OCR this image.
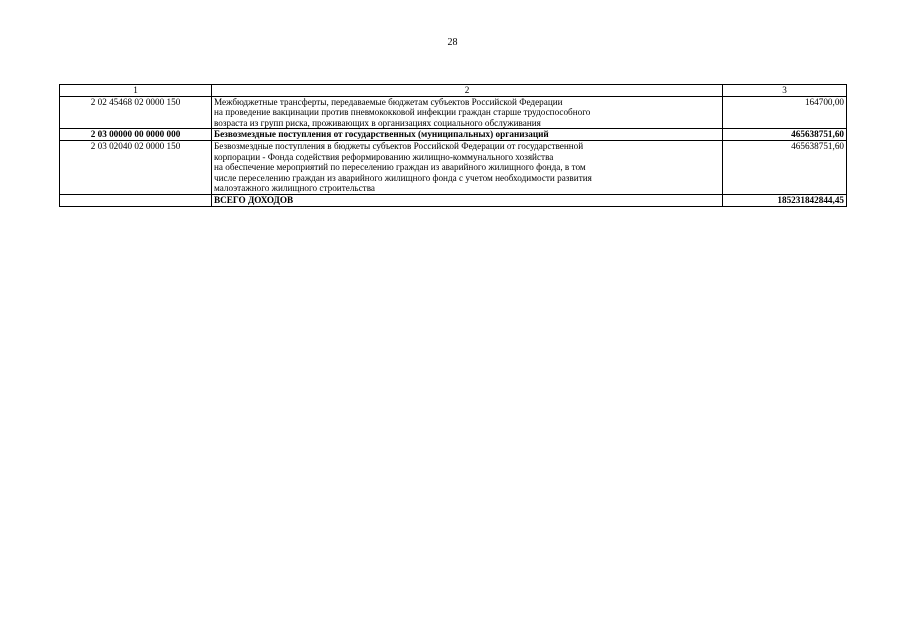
28
1	2	3
2 02 45468 02 0000 150	Межбюджетные трансферты, передаваемые бюджетам субъектов Российской Федерации
на проведение вакцинации против пневмококковой инфекции граждан старше трудоспособного
возраста из групп риска, проживающих в организациях социального обслуживания	164700,00
2 03 00000 00 0000 000	Безвозмездные поступления от государственных (муниципальных) организаций	465638751,60
2 03 02040 02 0000 150	Безвозмездные поступления в бюджеты субъектов Российской Федерации от государственной
корпорации - Фонда содействия реформированию жилищно-коммунального хозяйства
на обеспечение мероприятий по переселению граждан из аварийного жилищного фонда, в том
числе переселению граждан из аварийного жилищного фонда с учетом необходимости развития
малоэтажного жилищного строительства	465638751,60

	ВСЕГО ДОХОДОВ	185231842844,45
